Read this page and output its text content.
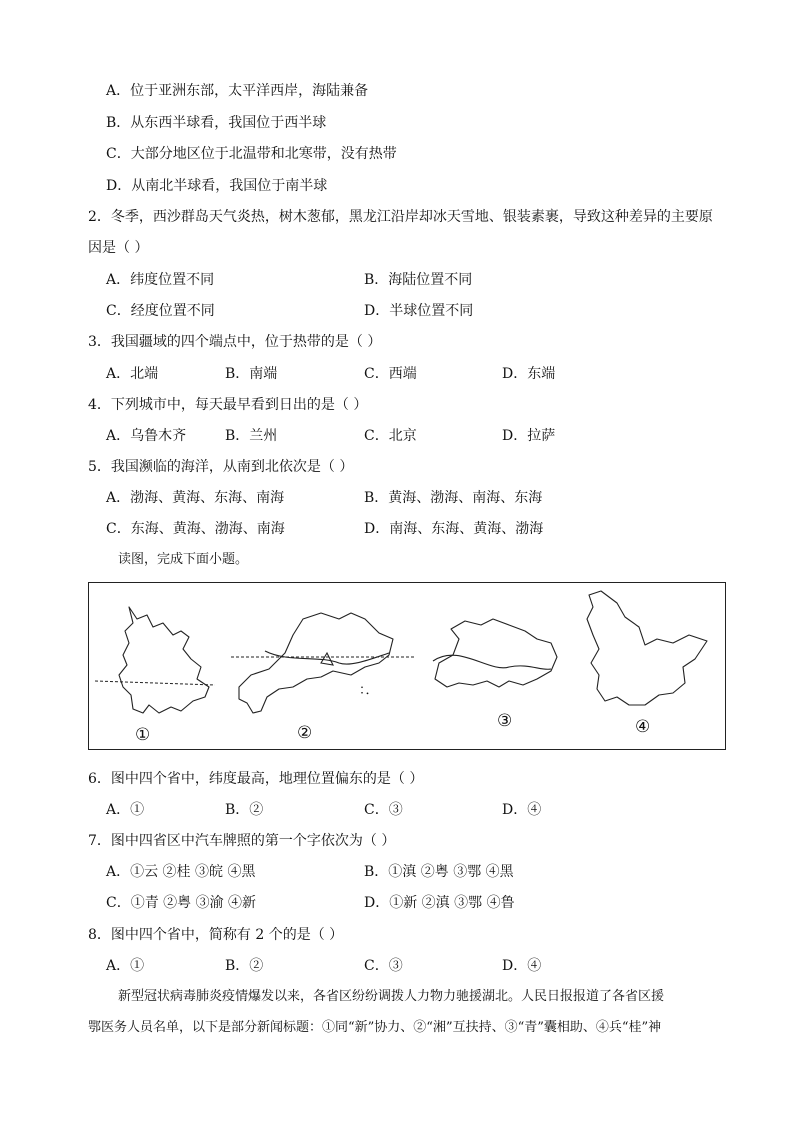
A．位于亚洲东部，太平洋西岸，海陆兼备
B．从东西半球看，我国位于西半球
C．大部分地区位于北温带和北寒带，没有热带
D．从南北半球看，我国位于南半球
2．冬季，西沙群岛天气炎热，树木葱郁，黑龙江沿岸却冰天雪地、银装素裹，导致这种差异的主要原
因是（ ）
A．纬度位置不同	B．海陆位置不同
C．经度位置不同	D．半球位置不同
3．我国疆域的四个端点中，位于热带的是（ ）
A．北端	B．南端	C．西端	D．东端
4．下列城市中，每天最早看到日出的是（ ）
A．乌鲁木齐	B．兰州	C．北京	D．拉萨
5．我国濒临的海洋，从南到北依次是（ ）
A．渤海、黄海、东海、南海	B．黄海、渤海、南海、东海
C．东海、黄海、渤海、南海	D．南海、东海、黄海、渤海
读图，完成下面小题。
①	②
：．
③	④
6．图中四个省中，纬度最高，地理位置偏东的是（ ）
A．①	B．②	C．③	D．④
7．图中四省区中汽车牌照的第一个字依次为（ ）
A．①云 ②桂 ③皖 ④黑	B．①滇 ②粤 ③鄂 ④黑
C．①青 ②粤 ③渝 ④新	D．①新 ②滇 ③鄂 ④鲁
8．图中四个省中，简称有 2 个的是（ ）
A．①	B．②	C．③	D．④
新型冠状病毒肺炎疫情爆发以来，各省区纷纷调拨人力物力驰援湖北。人民日报报道了各省区援
鄂医务人员名单，以下是部分新闻标题：①同“新”协力、②“湘”互扶持、③“青”囊相助、④兵“桂”神
